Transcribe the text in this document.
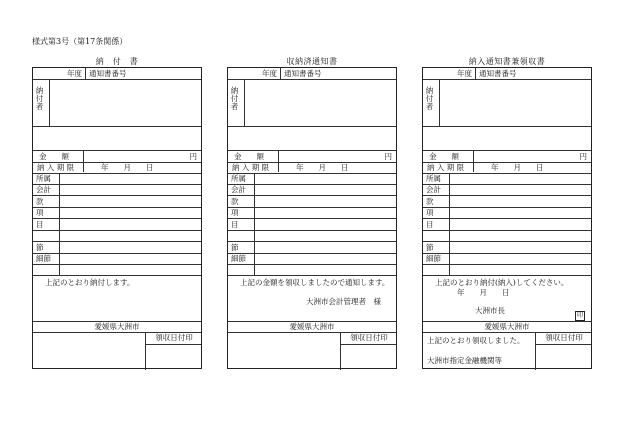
様式第3号（第17条関係）
納　付　書
年度 通知書番号
納付者
金　　額	円
納 入 期 限	年　　月　　日
所属
会計
款
項
目
節
細節
上記のとおり納付します。
愛媛県大洲市
領収日付印
収納済通知書
年度 通知書番号
納付者
金　　額	円
納 入 期 限	年　　月　　日
所属
会計
款
項
目
節
細節
上記の金額を領収しましたので通知します。
大洲市会計管理者　様
愛媛県大洲市
領収日付印
納入通知書兼領収書
年度 通知書番号
納付者
金　　額	円
納 入 期 限	年　　月　　日
所属
会計
款
項
目
節
細節
上記のとおり納付(納入)してください。
年　　月　　日
大洲市長
印
愛媛県大洲市
領収日付印
上記のとおり領収しました。
大洲市指定金融機関等
